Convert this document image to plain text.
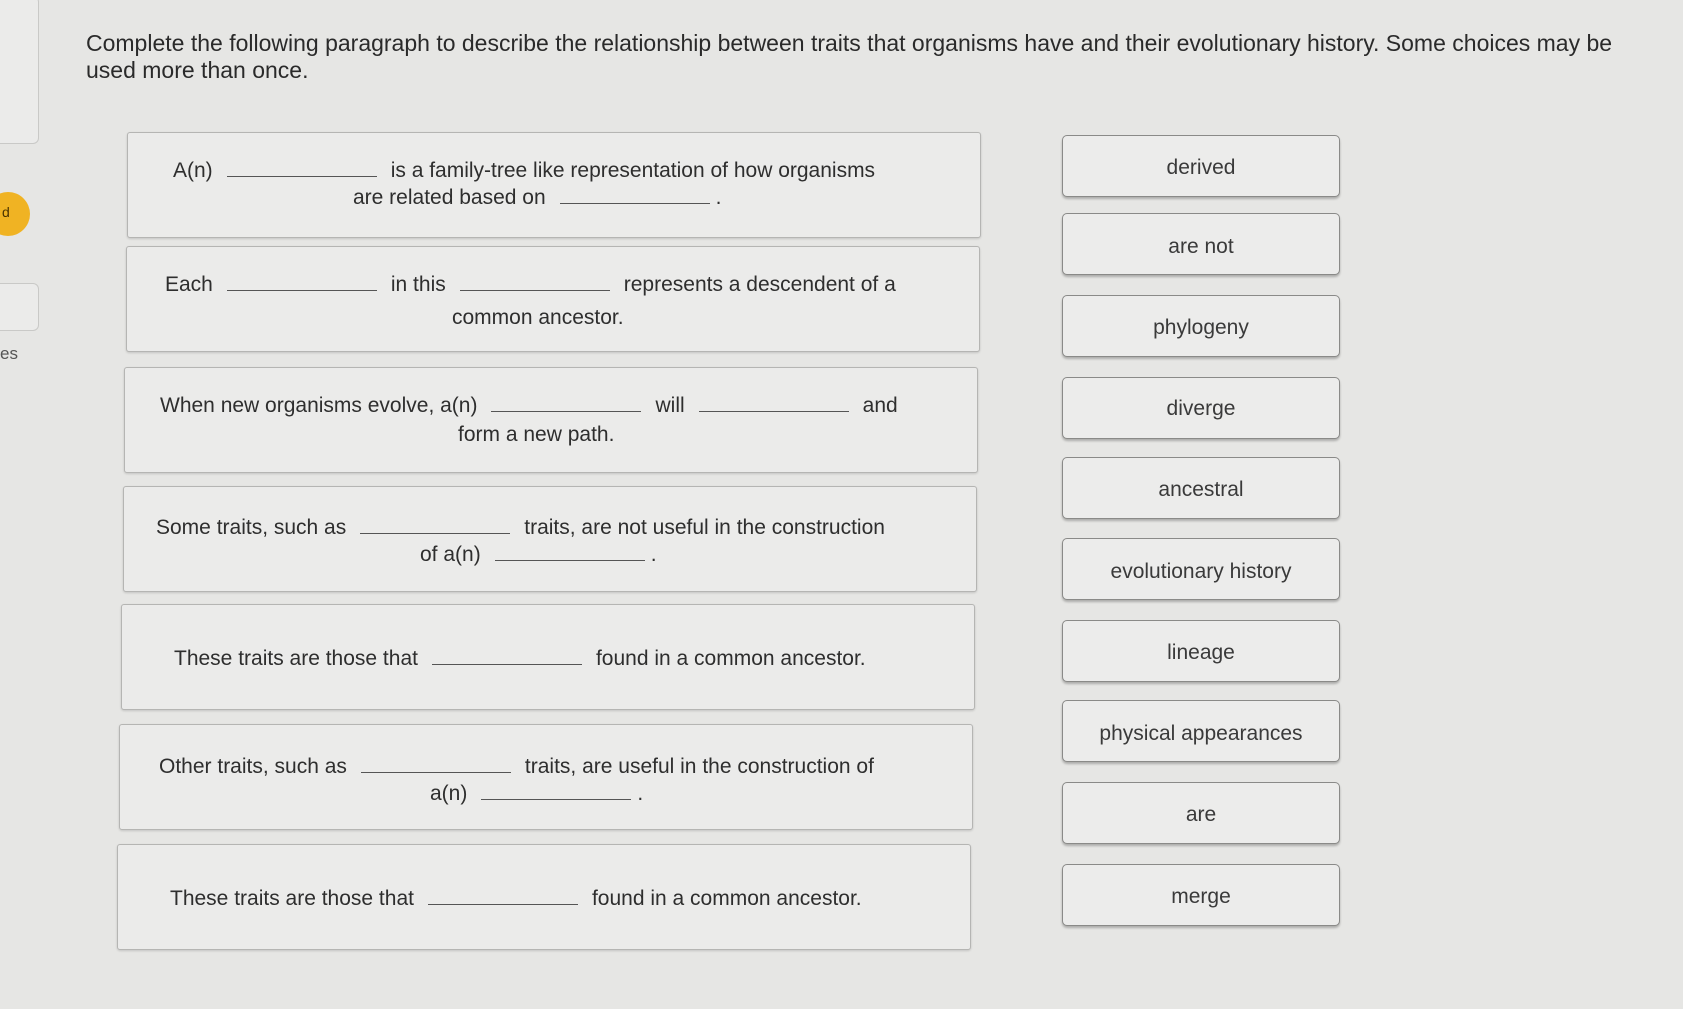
d
es

Complete the following paragraph to describe the relationship between traits that organisms have and their evolutionary history. Some choices may be used more than once.

A(n)	is a family-tree like representation of how organisms
are related based on	.
Each	in this	represents a descendent of a
common ancestor.
When new organisms evolve, a(n)	will	and
form a new path.
Some traits, such as	traits, are not useful in the construction
of a(n)	.
These traits are those that	found in a common ancestor.
Other traits, such as	traits, are useful in the construction of
a(n)	.
These traits are those that	found in a common ancestor.
derived
are not
phylogeny
diverge
ancestral
evolutionary history
lineage
physical appearances
are
merge
